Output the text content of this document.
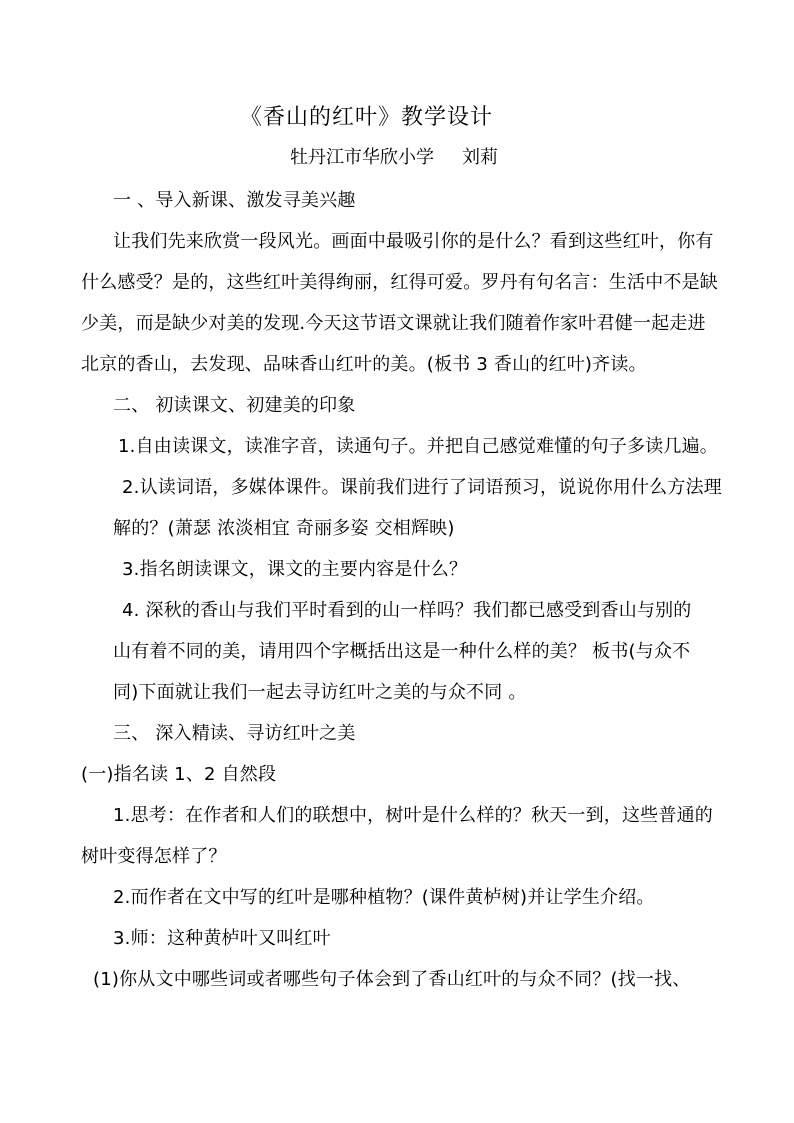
《香山的红叶》教学设计
牡丹江市华欣小学 刘莉
一 、导入新课、激发寻美兴趣
让我们先来欣赏一段风光。画面中最吸引你的是什么？看到这些红叶，你有
什么感受？是的，这些红叶美得绚丽，红得可爱。罗丹有句名言：生活中不是缺
少美，而是缺少对美的发现.今天这节语文课就让我们随着作家叶君健一起走进
北京的香山，去发现、品味香山红叶的美。(板书 3 香山的红叶)齐读。
二、 初读课文、初建美的印象
1.自由读课文，读准字音，读通句子。并把自己感觉难懂的句子多读几遍。
2.认读词语，多媒体课件。课前我们进行了词语预习，说说你用什么方法理
解的？(萧瑟 浓淡相宜 奇丽多姿 交相辉映)
3.指名朗读课文，课文的主要内容是什么？
4. 深秋的香山与我们平时看到的山一样吗？我们都已感受到香山与别的
山有着不同的美，请用四个字概括出这是一种什么样的美？ 板书(与众不
同)下面就让我们一起去寻访红叶之美的与众不同 。
三、 深入精读、寻访红叶之美
(一)指名读 1、2 自然段
1.思考：在作者和人们的联想中，树叶是什么样的？秋天一到，这些普通的
树叶变得怎样了？
2.而作者在文中写的红叶是哪种植物？(课件黄栌树)并让学生介绍。
3.师：这种黄栌叶又叫红叶
(1)你从文中哪些词或者哪些句子体会到了香山红叶的与众不同？(找一找、
